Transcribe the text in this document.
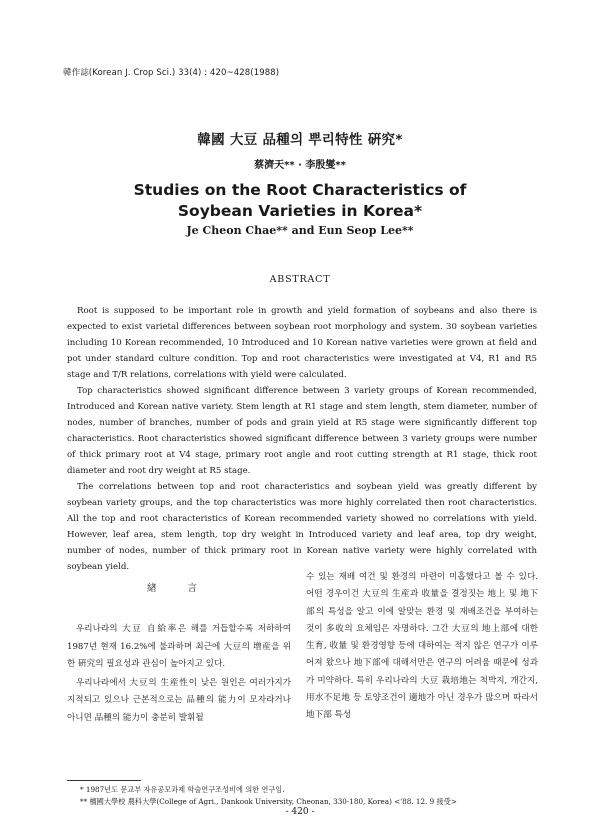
韓作誌(Korean J. Crop Sci.) 33(4) : 420~428(1988)
韓國 大豆 品種의 뿌리特性 硏究*
蔡濟天** · 李殷燮**
Studies on the Root Characteristics of
Soybean Varieties in Korea*
Je Cheon Chae** and Eun Seop Lee**
ABSTRACT

Root is supposed to be important role in growth and yield formation of soybeans and also there is expected to exist varietal differences between soybean root morphology and system. 30 soybean varieties including 10 Korean recommended, 10 Introduced and 10 Korean native varieties were grown at field and pot under standard culture condition. Top and root characteristics were investigated at V4, R1 and R5 stage and T/R relations, correlations with yield were calculated.

Top characteristics showed significant difference between 3 variety groups of Korean recommended, Introduced and Korean native variety. Stem length at R1 stage and stem length, stem diameter, number of nodes, number of branches, number of pods and grain yield at R5 stage were significantly different top characteristics. Root characteristics showed significant difference between 3 variety groups were number of thick primary root at V4 stage, primary root angle and root cutting strength at R1 stage, thick root diameter and root dry weight at R5 stage.

The correlations between top and root characteristics and soybean yield was greatly different by soybean variety groups, and the top characteristics was more highly correlated then root characteristics. All the top and root characteristics of Korean recommended variety showed no correlations with yield. However, leaf area, stem length, top dry weight in Introduced variety and leaf area, top dry weight, number of nodes, number of thick primary root in Korean native variety were highly correlated with soybean yield.

緖 言

우리나라의 大豆 自給率은 해를 거듭할수록 저하하여 1987년 현재 16.2%에 불과하며 최근에 大豆의 增産을 위한 硏究의 필요성과 관심이 높아지고 있다.

우리나라에서 大豆의 生産性이 낮은 원인은 여러가지가 지적되고 있으나 근본적으로는 品種의 能力이 모자라거나 아니면 品種의 能力이 충분히 발휘될

수 있는 재배 여건 및 환경의 마련이 미흡했다고 볼 수 있다. 어떤 경우이건 大豆의 生産과 收量을 결정짓는 地上 및 地下部의 특성을 알고 이에 알맞는 환경 및 재배조건을 부여하는 것이 多收의 요체임은 자명하다. 그간 大豆의 地上部에 대한 生育, 收量 및 환경영향 등에 대하여는 적지 않은 연구가 이루어져 왔으나 地下部에 대해서만은 연구의 어려움 때문에 성과가 미약하다. 특히 우리나라의 大豆 栽培地는 척박지, 개간지, 用水不足地 등 토양조건이 適地가 아닌 경우가 많으며 따라서 地下部 특성

* 1987년도 문교부 자유공모과제 학술연구조성비에 의한 연구임.
** 檀國大學校 農科大學(College of Agri., Dankook University, Cheonan, 330-180, Korea) <'88. 12. 9 接受>
- 420 -
